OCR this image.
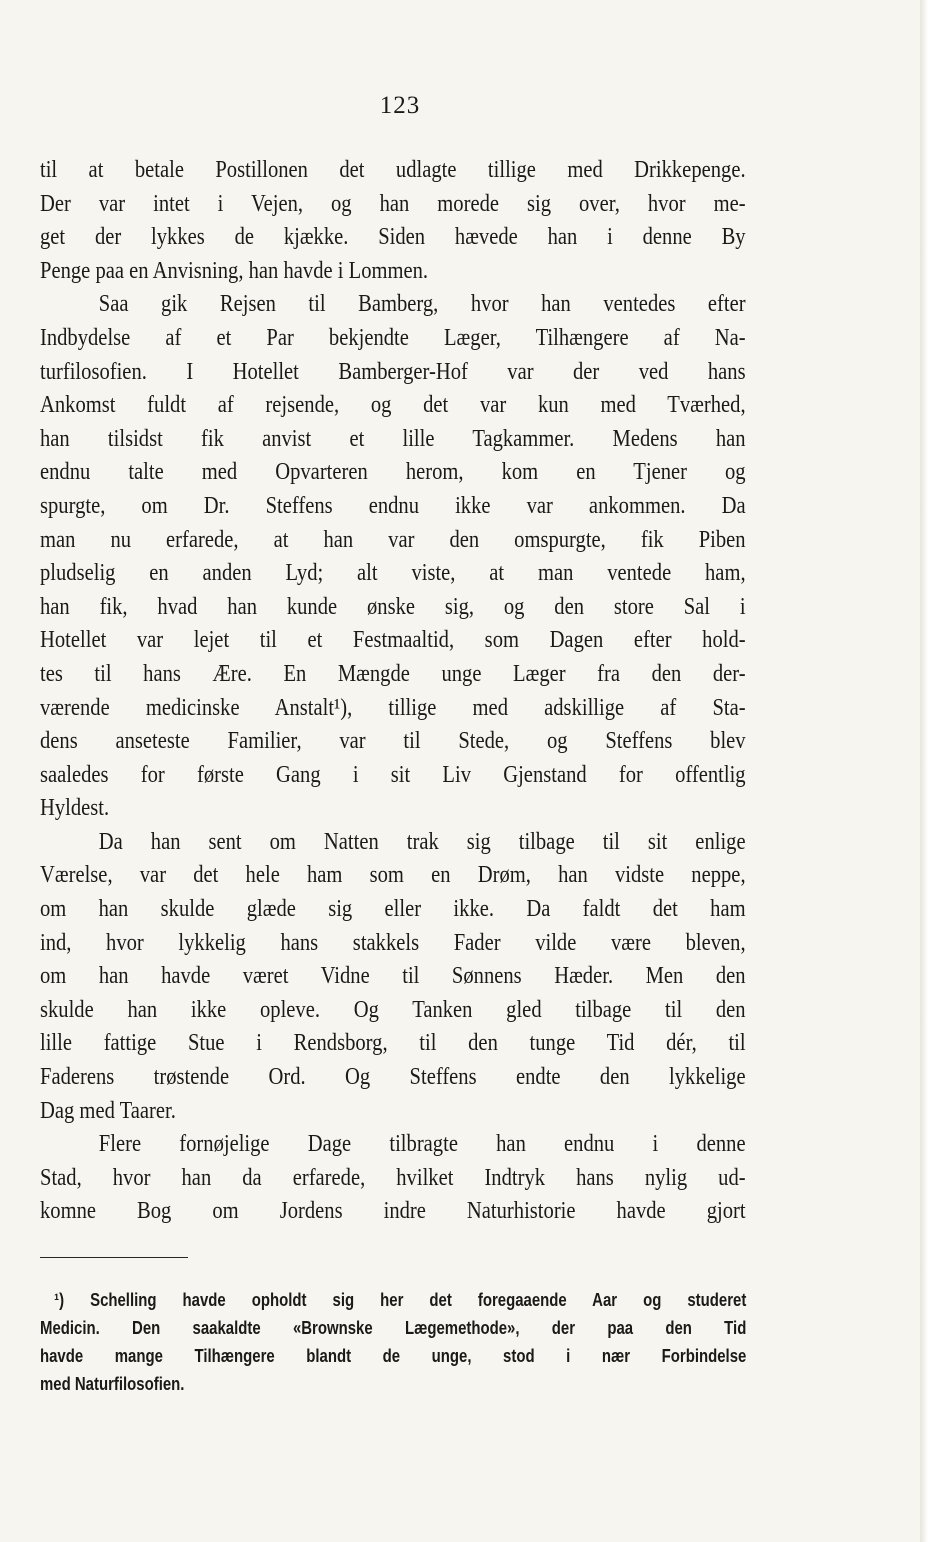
123
til at betale Postillonen det udlagte tillige med Drikkepenge.
Der var intet i Vejen, og han morede sig over, hvor me-
get der lykkes de kjække. Siden hævede han i denne By
Penge paa en Anvisning, han havde i Lommen.
Saa gik Rejsen til Bamberg, hvor han ventedes efter
Indbydelse af et Par bekjendte Læger, Tilhængere af Na-
turfilosofien. I Hotellet Bamberger-Hof var der ved hans
Ankomst fuldt af rejsende, og det var kun med Tværhed,
han tilsidst fik anvist et lille Tagkammer. Medens han
endnu talte med Opvarteren herom, kom en Tjener og
spurgte, om Dr. Steffens endnu ikke var ankommen. Da
man nu erfarede, at han var den omspurgte, fik Piben
pludselig en anden Lyd; alt viste, at man ventede ham,
han fik, hvad han kunde ønske sig, og den store Sal i
Hotellet var lejet til et Festmaaltid, som Dagen efter hold-
tes til hans Ære. En Mængde unge Læger fra den der-
værende medicinske Anstalt¹), tillige med adskillige af Sta-
dens anseteste Familier, var til Stede, og Steffens blev
saaledes for første Gang i sit Liv Gjenstand for offentlig
Hyldest.
Da han sent om Natten trak sig tilbage til sit enlige
Værelse, var det hele ham som en Drøm, han vidste neppe,
om han skulde glæde sig eller ikke. Da faldt det ham
ind, hvor lykkelig hans stakkels Fader vilde være bleven,
om han havde været Vidne til Sønnens Hæder. Men den
skulde han ikke opleve. Og Tanken gled tilbage til den
lille fattige Stue i Rendsborg, til den tunge Tid dér, til
Faderens trøstende Ord. Og Steffens endte den lykkelige
Dag med Taarer.
Flere fornøjelige Dage tilbragte han endnu i denne
Stad, hvor han da erfarede, hvilket Indtryk hans nylig ud-
komne Bog om Jordens indre Naturhistorie havde gjort
¹) Schelling havde opholdt sig her det foregaaende Aar og studeret
Medicin. Den saakaldte «Brownske Lægemethode», der paa den Tid
havde mange Tilhængere blandt de unge, stod i nær Forbindelse
med Naturfilosofien.
